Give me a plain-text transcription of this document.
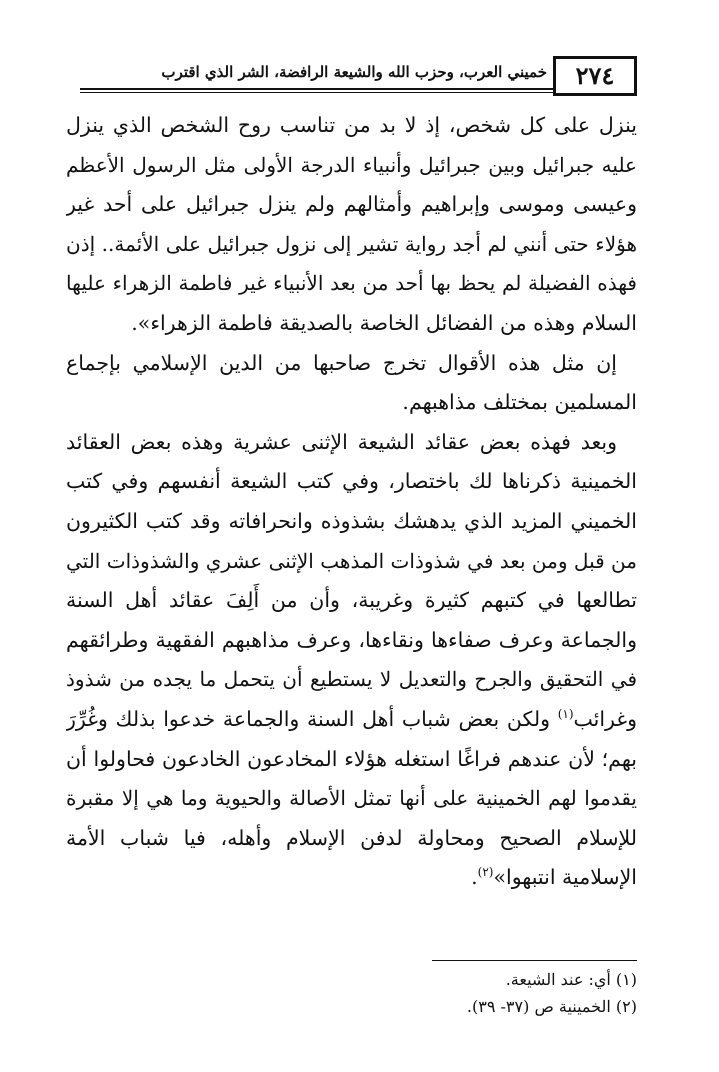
٢٧٤
خميني العرب، وحزب الله والشيعة الرافضة، الشر الذي اقترب
ينزل على كل شخص، إذ لا بد من تناسب روح الشخص الذي ينزل
عليه جبرائيل وبين جبرائيل وأنبياء الدرجة الأولى مثل الرسول الأعظم
وعيسى وموسى وإبراهيم وأمثالهم ولم ينزل جبرائيل على أحد غير
هؤلاء حتى أنني لم أجد رواية تشير إلى نزول جبرائيل على الأئمة.. إذن
فهذه الفضيلة لم يحظ بها أحد من بعد الأنبياء غير فاطمة الزهراء عليها
السلام وهذه من الفضائل الخاصة بالصديقة فاطمة الزهراء».
إن مثل هذه الأقوال تخرج صاحبها من الدين الإسلامي بإجماع
المسلمين بمختلف مذاهبهم.
وبعد فهذه بعض عقائد الشيعة الإثنى عشرية وهذه بعض العقائد
الخمينية ذكرناها لك باختصار، وفي كتب الشيعة أنفسهم وفي كتب
الخميني المزيد الذي يدهشك بشذوذه وانحرافاته وقد كتب الكثيرون
من قبل ومن بعد في شذوذات المذهب الإثنى عشري والشذوذات التي
تطالعها في كتبهم كثيرة وغريبة، وأن من أَلِفَ عقائد أهل السنة
والجماعة وعرف صفاءها ونقاءها، وعرف مذاهبهم الفقهية وطرائقهم
في التحقيق والجرح والتعديل لا يستطيع أن يتحمل ما يجده من شذوذ
وغرائب$^{(١)}$ ولكن بعض شباب أهل السنة والجماعة خدعوا بذلك وغُرِّرَ
بهم؛ لأن عندهم فراغًا استغله هؤلاء المخادعون الخادعون فحاولوا أن
يقدموا لهم الخمينية على أنها تمثل الأصالة والحيوية وما هي إلا مقبرة
للإسلام الصحيح ومحاولة لدفن الإسلام وأهله، فيا شباب الأمة
الإسلامية انتبهوا»$^{(٢)}$.
(١) أي: عند الشيعة.
(٢) الخمينية ص (٣٧- ٣٩).
